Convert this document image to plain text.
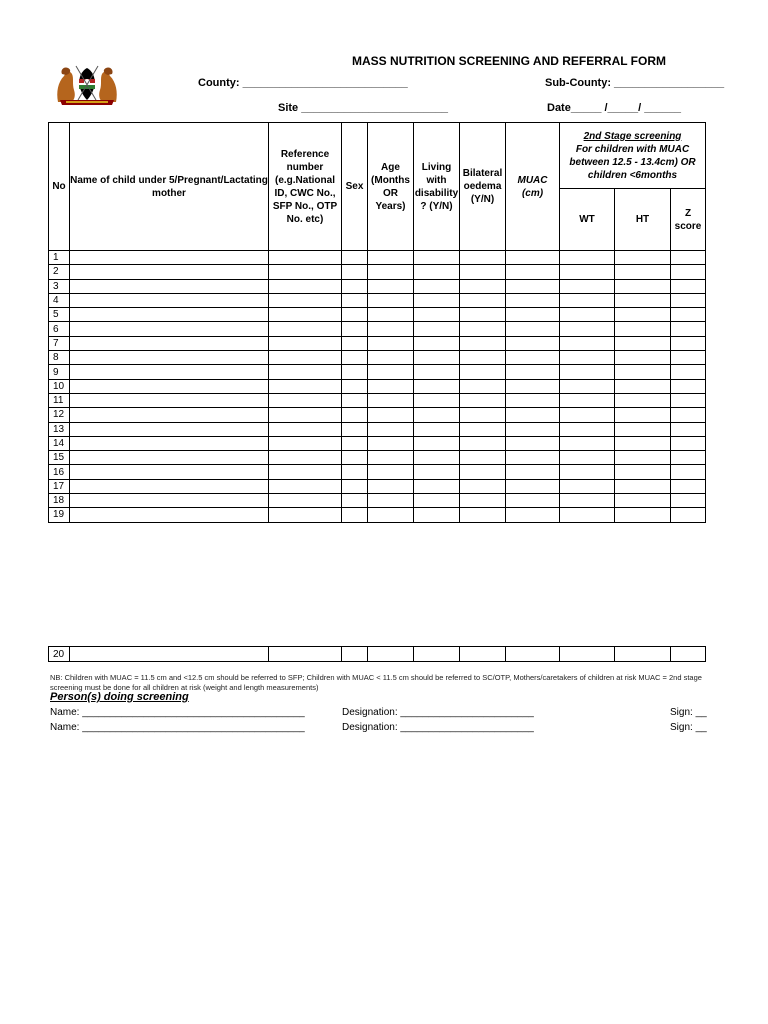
MASS NUTRITION SCREENING AND REFERRAL FORM
County: ___________________________	Sub-County: __________________
Site ________________________	Date_____ /_____/ ______
No	Name of child under 5/Pregnant/Lactating mother	Reference number (e.g.National ID, CWC No., SFP No., OTP No. etc)	Sex	Age (Months OR Years)	Living with disability ? (Y/N)	Bilateral oedema (Y/N)	MUAC (cm)	2nd Stage screening
For children with MUAC between 12.5 - 13.4cm) OR children <6months		

								WT	HT	Z score
1										
2										
3										
4										
5										
6										
7										
8										
9										
10										
11										
12										
13										
14										
15										
16										
17										
18										
19										
20										
NB: Children with MUAC = 11.5 cm and <12.5 cm should be referred to SFP; Children with MUAC < 11.5 cm should be referred to SC/OTP, Mothers/caretakers of children at risk MUAC = 2nd stage screening must be done for all children at risk (weight and length measurements)
Person(s) doing screening
Name: ________________________________________	Designation: ________________________	Sign: __
Name: ________________________________________	Designation: ________________________	Sign: __
